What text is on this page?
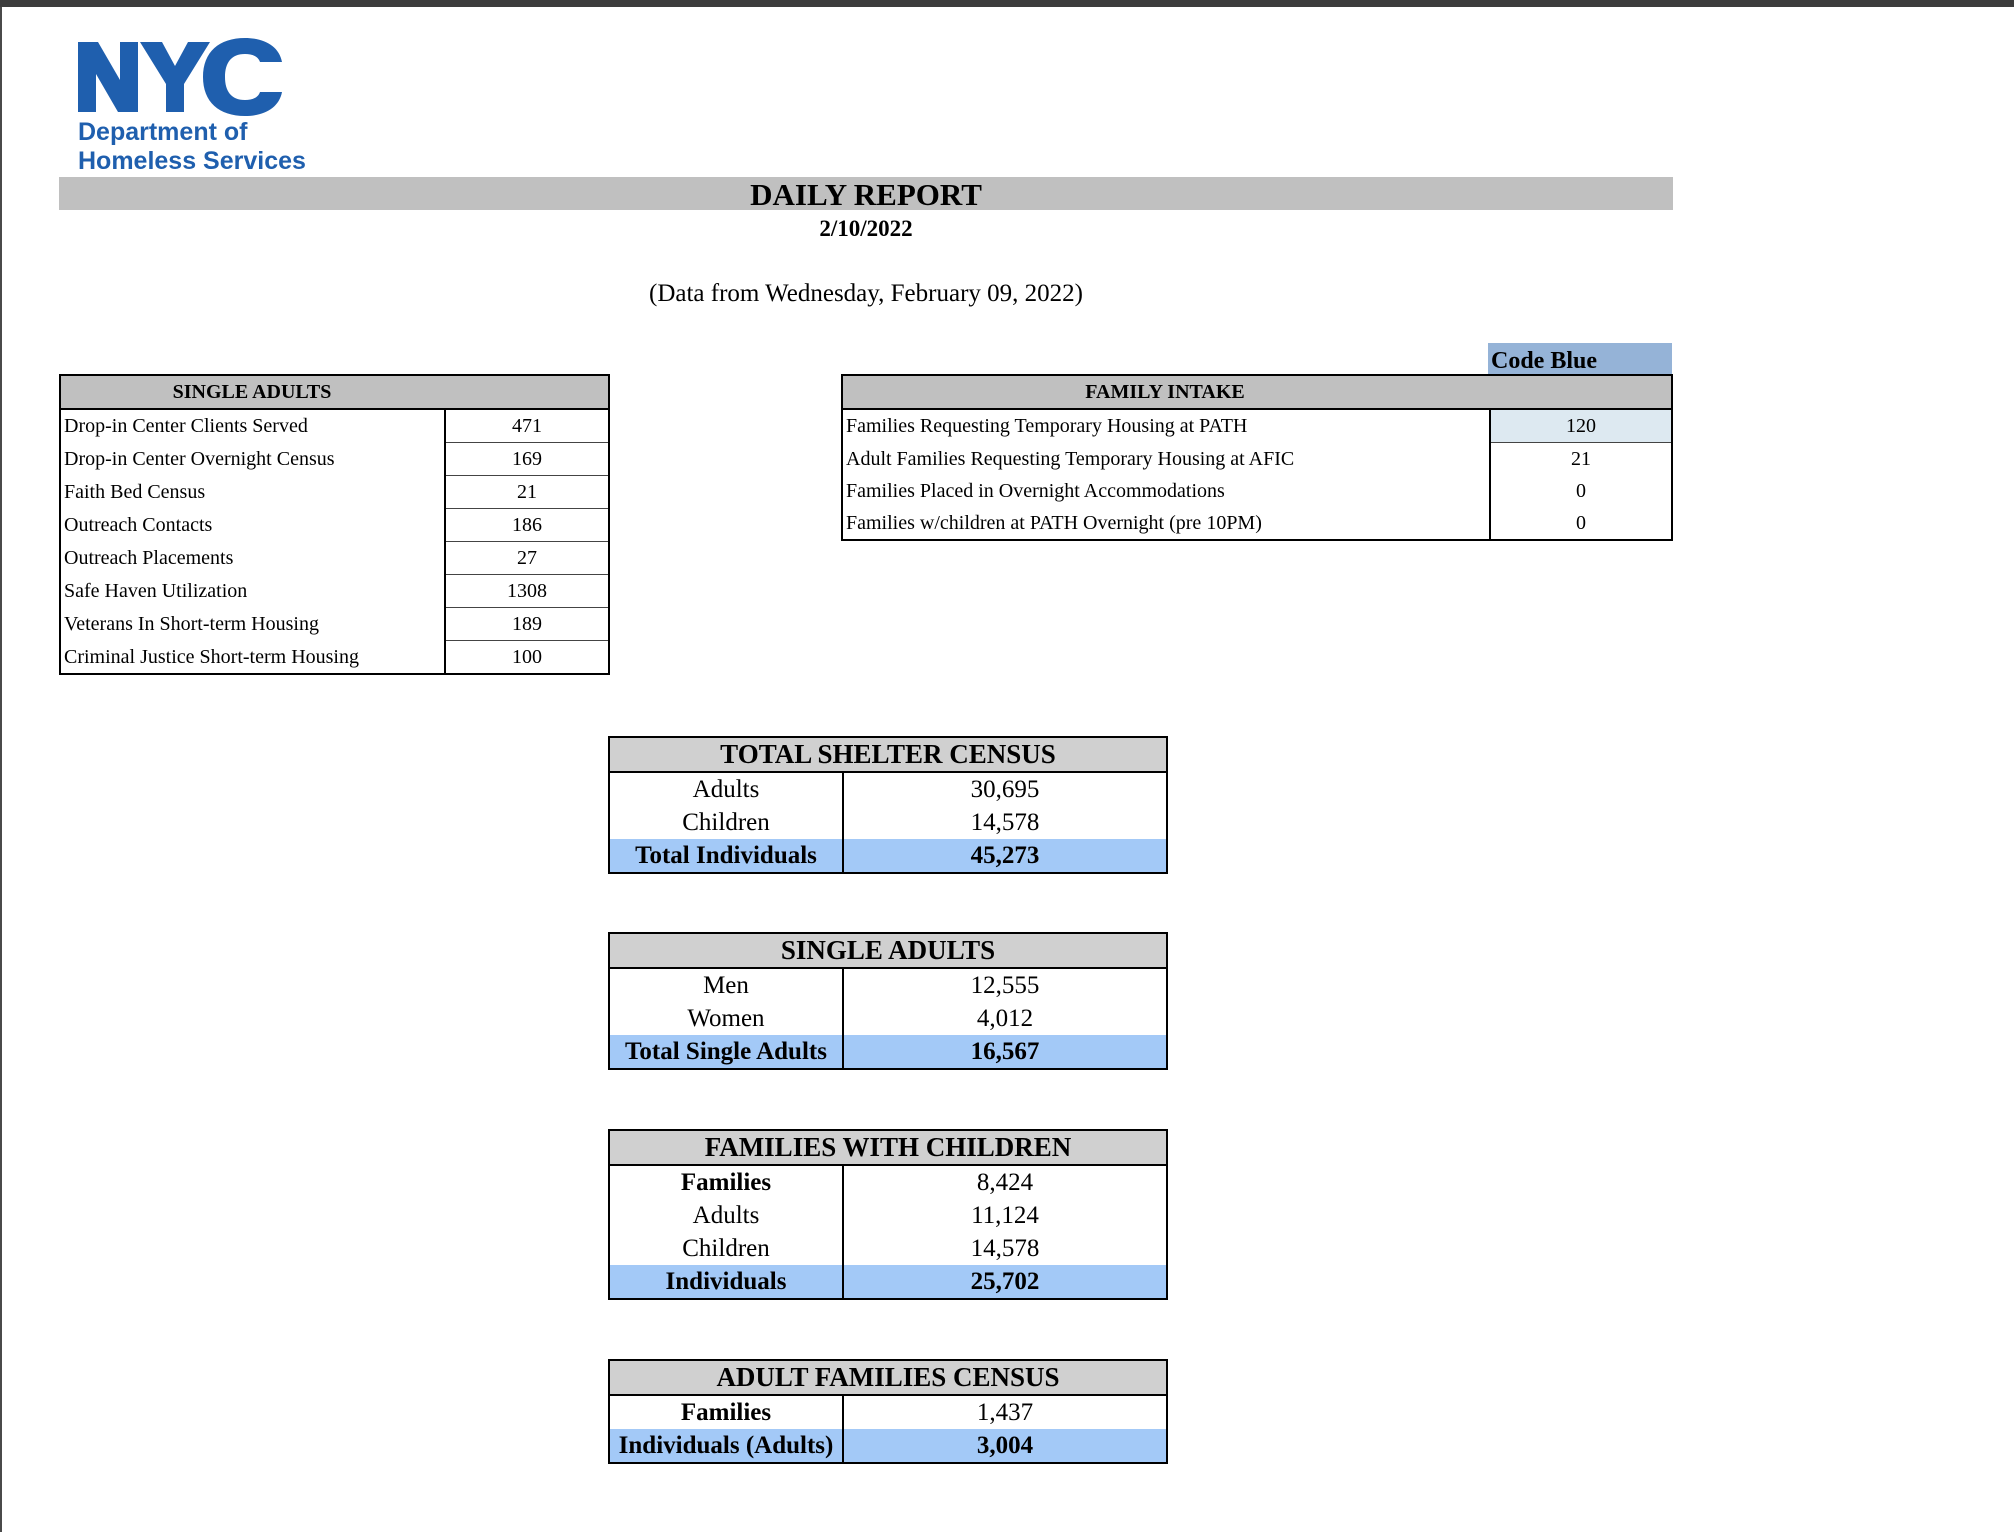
Department of
Homeless Services
DAILY REPORT
2/10/2022
(Data from Wednesday, February 09, 2022)
SINGLE ADULTS	
Drop-in Center Clients Served	471
Drop-in Center Overnight Census	169
Faith Bed Census	21
Outreach Contacts	186
Outreach Placements	27
Safe Haven Utilization	1308
Veterans In Short-term Housing	189
Criminal Justice Short-term Housing	100
Code Blue
FAMILY INTAKE	
Families Requesting Temporary Housing at PATH	120
Adult Families Requesting Temporary Housing at AFIC	21
Families Placed in Overnight Accommodations	0
Families w/children at PATH Overnight (pre 10PM)	0
TOTAL SHELTER CENSUS	
Adults	30,695
Children	14,578
Total Individuals	45,273
SINGLE ADULTS	
Men	12,555
Women	4,012
Total Single Adults	16,567
FAMILIES WITH CHILDREN	
Families	8,424
Adults	11,124
Children	14,578
Individuals	25,702
ADULT FAMILIES CENSUS	
Families	1,437
Individuals (Adults)	3,004
